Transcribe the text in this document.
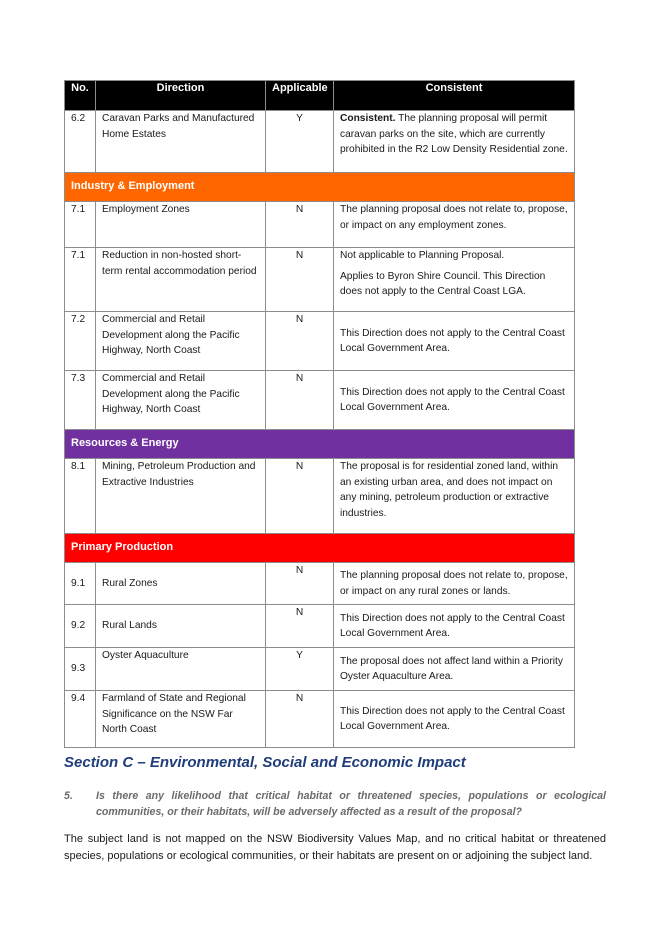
No.	Direction	Applicable	Consistent
6.2	Caravan Parks and Manufactured Home Estates	Y	Consistent. The planning proposal will permit caravan parks on the site, which are currently prohibited in the R2 Low Density Residential zone.
Industry & Employment			
7.1	Employment Zones	N	The planning proposal does not relate to, propose, or impact on any employment zones.
7.1	Reduction in non-hosted short-term rental accommodation period	N	Not applicable to Planning Proposal.
Applies to Byron Shire Council. This Direction does not apply to the Central Coast LGA.

7.2	Commercial and Retail Development along the Pacific Highway, North Coast	N	This Direction does not apply to the Central Coast Local Government Area.
7.3	Commercial and Retail Development along the Pacific Highway, North Coast	N	This Direction does not apply to the Central Coast Local Government Area.
Resources & Energy			
8.1	Mining, Petroleum Production and Extractive Industries	N	The proposal is for residential zoned land, within an existing urban area, and does not impact on any mining, petroleum production or extractive industries.
Primary Production			
9.1	Rural Zones	N	The planning proposal does not relate to, propose, or impact on any rural zones or lands.
9.2	Rural Lands	N	This Direction does not apply to the Central Coast Local Government Area.
9.3	Oyster Aquaculture	Y	The proposal does not affect land within a Priority Oyster Aquaculture Area.
9.4	Farmland of State and Regional Significance on the NSW Far North Coast	N	This Direction does not apply to the Central Coast Local Government Area.
Section C – Environmental, Social and Economic Impact
5.	Is there any likelihood that critical habitat or threatened species, populations or ecological communities, or their habitats, will be adversely affected as a result of the proposal?

The subject land is not mapped on the NSW Biodiversity Values Map, and no critical habitat or threatened species, populations or ecological communities, or their habitats are present on or adjoining the subject land.
